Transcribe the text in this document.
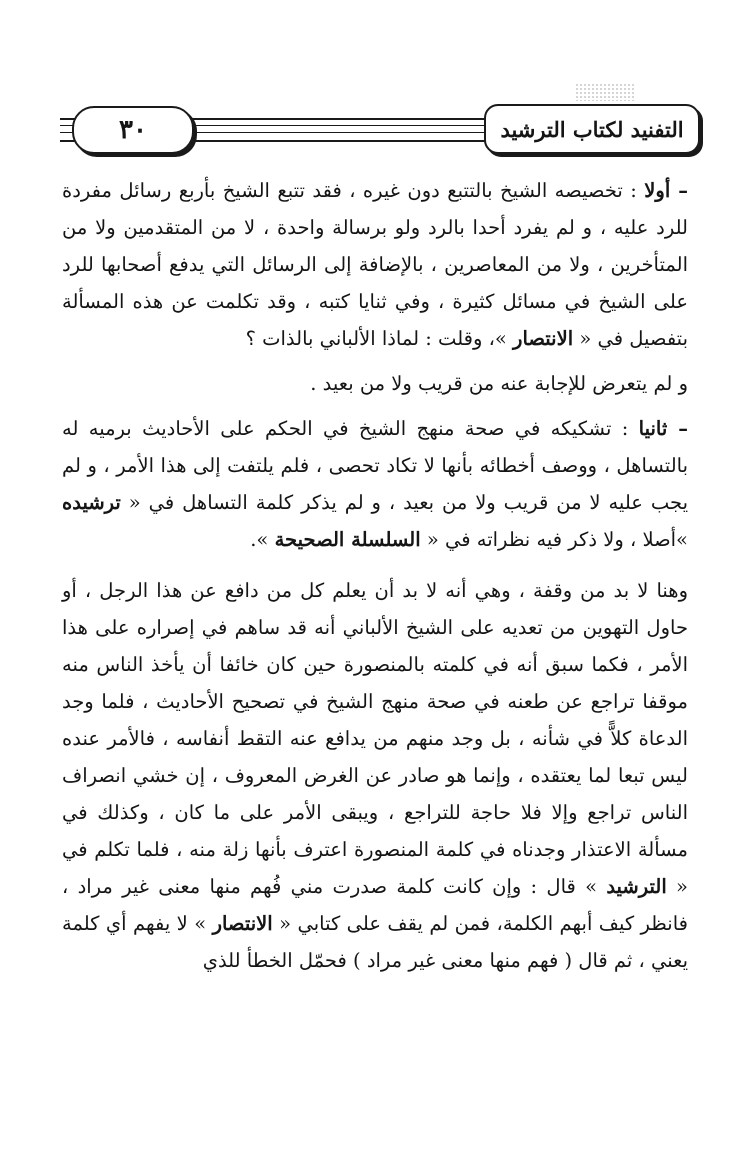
التفنيد لكتاب الترشيد
٣٠

– أولا : تخصيصه الشيخ بالتتبع دون غيره ، فقد تتبع الشيخ بأربع رسائل مفردة للرد عليه ، و لم يفرد أحدا بالرد ولو برسالة واحدة ، لا من المتقدمين ولا من المتأخرين ، ولا من المعاصرين ، بالإضافة إلى الرسائل التي يدفع أصحابها للرد على الشيخ في مسائل كثيرة ، وفي ثنايا كتبه ، وقد تكلمت عن هذه المسألة بتفصيل في « الانتصار »، وقلت : لماذا الألباني بالذات ؟

و لم يتعرض للإجابة عنه من قريب ولا من بعيد .

– ثانيا : تشكيكه في صحة منهج الشيخ في الحكم على الأحاديث برميه له بالتساهل ، ووصف أخطائه بأنها لا تكاد تحصى ، فلم يلتفت إلى هذا الأمر ، و لم يجب عليه لا من قريب ولا من بعيد ، و لم يذكر كلمة التساهل في « ترشيده »أصلا ، ولا ذكر فيه نظراته في « السلسلة الصحيحة ».

وهنا لا بد من وقفة ، وهي أنه لا بد أن يعلم كل من دافع عن هذا الرجل ، أو حاول التهوين من تعديه على الشيخ الألباني أنه قد ساهم في إصراره على هذا الأمر ، فكما سبق أنه في كلمته بالمنصورة حين كان خائفا أن يأخذ الناس منه موقفا تراجع عن طعنه في صحة منهج الشيخ في تصحيح الأحاديث ، فلما وجد الدعاة كلاًّ في شأنه ، بل وجد منهم من يدافع عنه التقط أنفاسه ، فالأمر عنده ليس تبعا لما يعتقده ، وإنما هو صادر عن الغرض المعروف ، إن خشي انصراف الناس تراجع وإلا فلا حاجة للتراجع ، ويبقى الأمر على ما كان ، وكذلك في مسألة الاعتذار وجدناه في كلمة المنصورة اعترف بأنها زلة منه ، فلما تكلم في « الترشيد » قال : وإن كانت كلمة صدرت مني فُهم منها معنى غير مراد ، فانظر كيف أبهم الكلمة، فمن لم يقف على كتابي « الانتصار » لا يفهم أي كلمة يعني ، ثم قال ( فهم منها معنى غير مراد ) فحمّل الخطأ للذي
